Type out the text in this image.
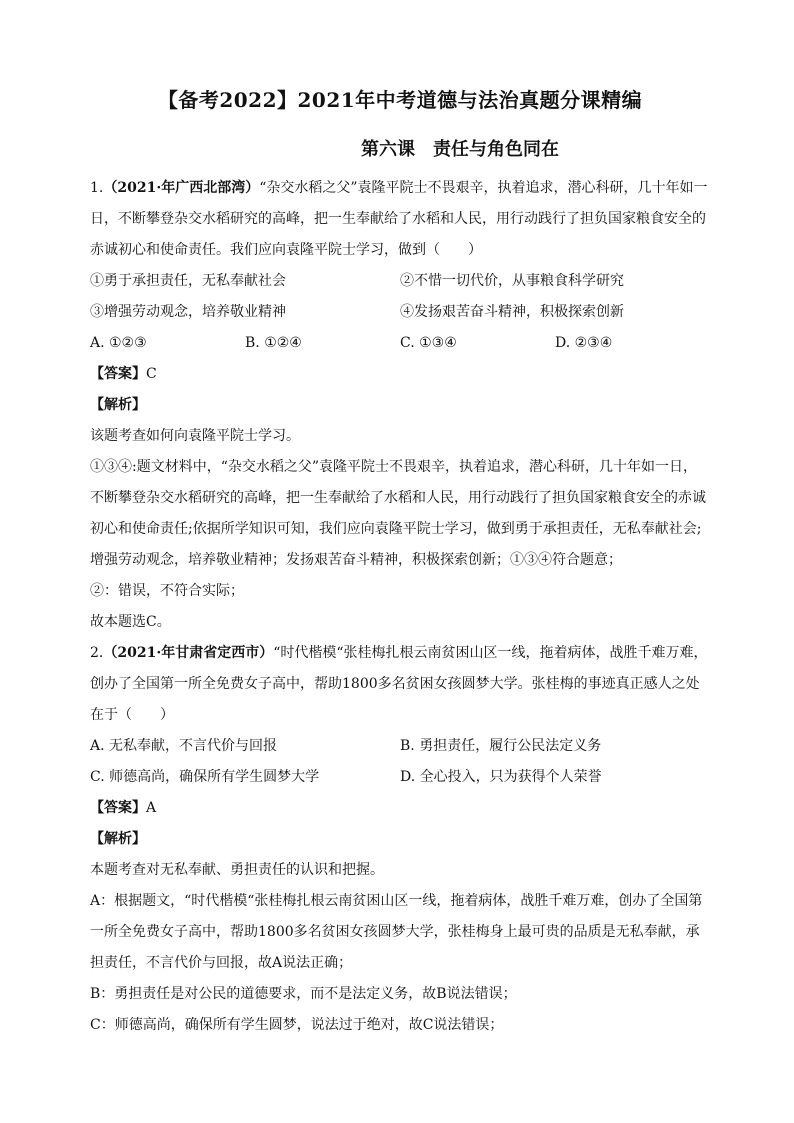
【备考2022】2021年中考道德与法治真题分课精编
第六课　责任与角色同在

1.（2021·年广西北部湾）“杂交水稻之父”袁隆平院士不畏艰辛，执着追求，潜心科研，几十年如一日，不断攀登杂交水稻研究的高峰，把一生奉献给了水稻和人民，用行动践行了担负国家粮食安全的赤诚初心和使命责任。我们应向袁隆平院士学习，做到（　　）

①勇于承担责任，无私奉献社会	②不惜一切代价，从事粮食科学研究
③增强劳动观念，培养敬业精神	④发扬艰苦奋斗精神，积极探索创新
A. ①②③	B. ①②④	C. ①③④	D. ②③④
【答案】C
【解析】

该题考查如何向袁隆平院士学习。

①③④:题文材料中，“杂交水稻之父”袁隆平院士不畏艰辛，执着追求，潜心科研，几十年如一日，不断攀登杂交水稻研究的高峰，把一生奉献给了水稻和人民，用行动践行了担负国家粮食安全的赤诚初心和使命责任;依据所学知识可知，我们应向袁隆平院士学习，做到勇于承担责任，无私奉献社会;增强劳动观念，培养敬业精神；发扬艰苦奋斗精神，积极探索创新；①③④符合题意；

②：错误，不符合实际；

故本题选C。

2.（2021·年甘肃省定西市）“时代楷模“张桂梅扎根云南贫困山区一线，拖着病体，战胜千难万难，创办了全国第一所全免费女子高中，帮助1800多名贫困女孩圆梦大学。张桂梅的事迹真正感人之处在于（　　）

A. 无私奉献，不言代价与回报	B. 勇担责任，履行公民法定义务
C. 师德高尚，确保所有学生圆梦大学	D. 全心投入，只为获得个人荣誉
【答案】A
【解析】

本题考查对无私奉献、勇担责任的认识和把握。

A：根据题文，“时代楷模“张桂梅扎根云南贫困山区一线，拖着病体，战胜千难万难，创办了全国第一所全免费女子高中，帮助1800多名贫困女孩圆梦大学，张桂梅身上最可贵的品质是无私奉献，承担责任，不言代价与回报，故A说法正确；

B：勇担责任是对公民的道德要求，而不是法定义务，故B说法错误；

C：师德高尚，确保所有学生圆梦，说法过于绝对，故C说法错误；
